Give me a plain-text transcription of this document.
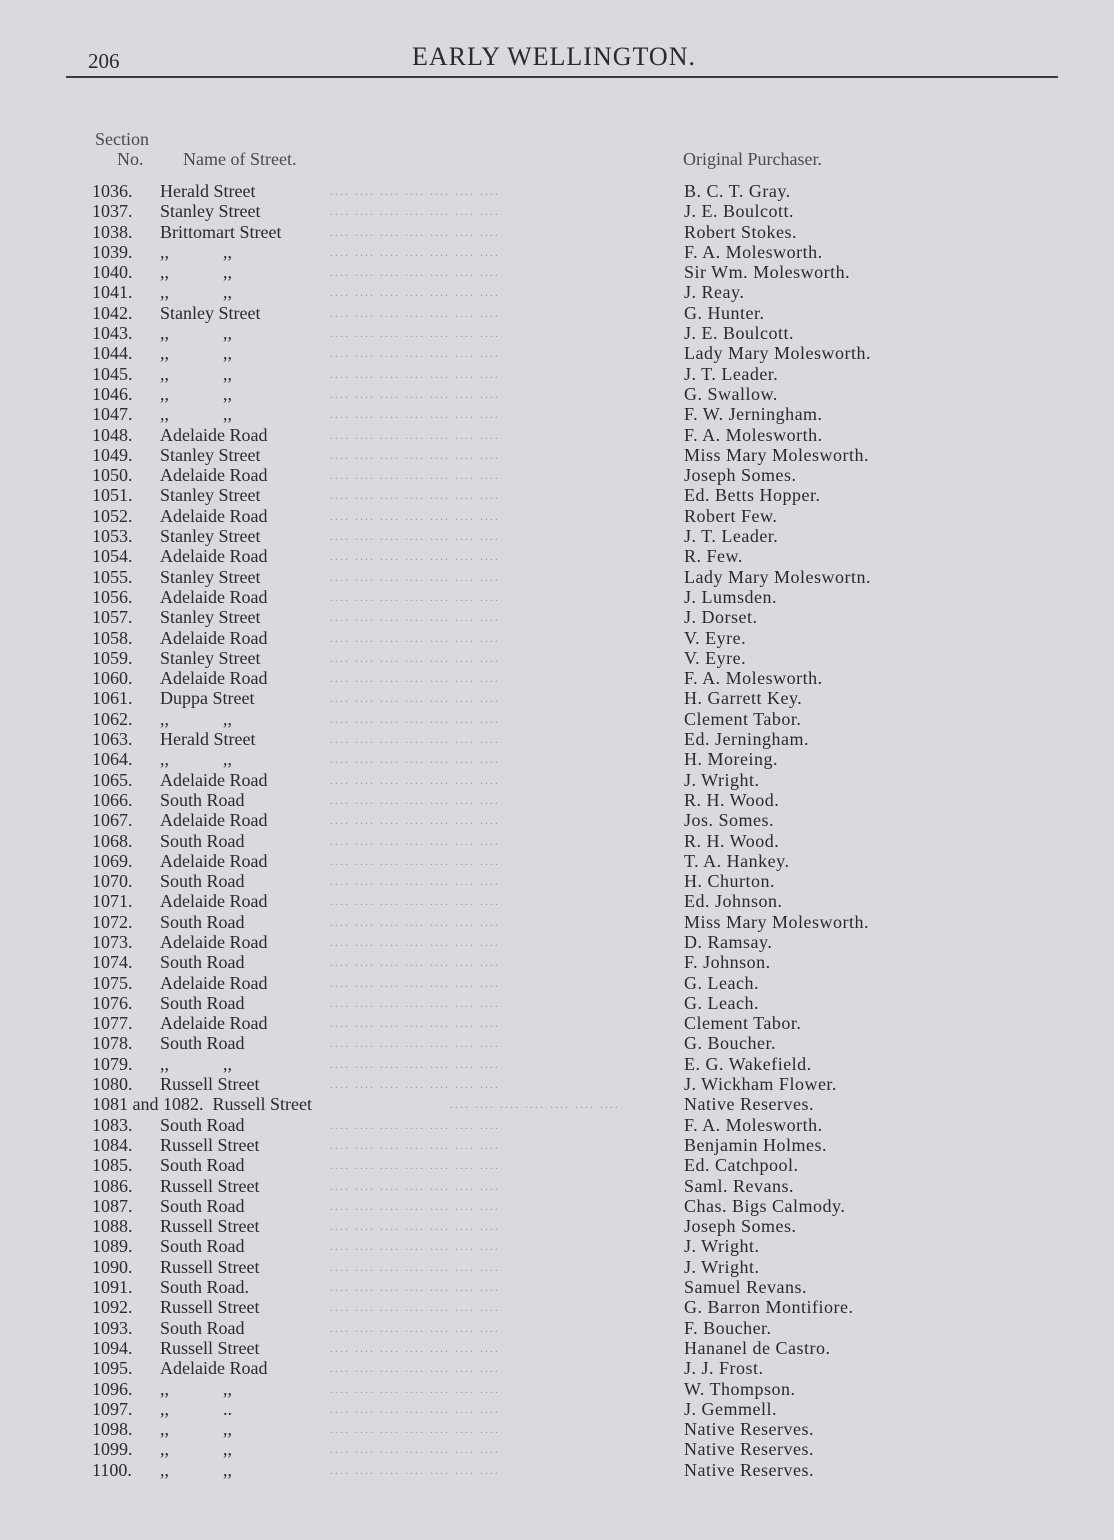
206	EARLY WELLINGTON.
Section
No. Name of Street.	Original Purchaser.
1036. Herald Street	.... .... .... .... .... .... ....	B. C. T. Gray.
1037. Stanley Street	.... .... .... .... .... .... ....	J. E. Boulcott.
1038. Brittomart Street	.... .... .... .... .... .... ....	Robert Stokes.
1039. ,,            ,,	.... .... .... .... .... .... ....	F. A. Molesworth.
1040. ,,            ,,	.... .... .... .... .... .... ....	Sir Wm. Molesworth.
1041. ,,            ,,	.... .... .... .... .... .... ....	J. Reay.
1042. Stanley Street	.... .... .... .... .... .... ....	G. Hunter.
1043. ,,            ,,	.... .... .... .... .... .... ....	J. E. Boulcott.
1044. ,,            ,,	.... .... .... .... .... .... ....	Lady Mary Molesworth.
1045. ,,            ,,	.... .... .... .... .... .... ....	J. T. Leader.
1046. ,,            ,,	.... .... .... .... .... .... ....	G. Swallow.
1047. ,,            ,,	.... .... .... .... .... .... ....	F. W. Jerningham.
1048. Adelaide Road	.... .... .... .... .... .... ....	F. A. Molesworth.
1049. Stanley Street	.... .... .... .... .... .... ....	Miss Mary Molesworth.
1050. Adelaide Road	.... .... .... .... .... .... ....	Joseph Somes.
1051. Stanley Street	.... .... .... .... .... .... ....	Ed. Betts Hopper.
1052. Adelaide Road	.... .... .... .... .... .... ....	Robert Few.
1053. Stanley Street	.... .... .... .... .... .... ....	J. T. Leader.
1054. Adelaide Road	.... .... .... .... .... .... ....	R. Few.
1055. Stanley Street	.... .... .... .... .... .... ....	Lady Mary Moleswortn.
1056. Adelaide Road	.... .... .... .... .... .... ....	J. Lumsden.
1057. Stanley Street	.... .... .... .... .... .... ....	J. Dorset.
1058. Adelaide Road	.... .... .... .... .... .... ....	V. Eyre.
1059. Stanley Street	.... .... .... .... .... .... ....	V. Eyre.
1060. Adelaide Road	.... .... .... .... .... .... ....	F. A. Molesworth.
1061. Duppa Street	.... .... .... .... .... .... ....	H. Garrett Key.
1062. ,,            ,,	.... .... .... .... .... .... ....	Clement Tabor.
1063. Herald Street	.... .... .... .... .... .... ....	Ed. Jerningham.
1064. ,,            ,,	.... .... .... .... .... .... ....	H. Moreing.
1065. Adelaide Road	.... .... .... .... .... .... ....	J. Wright.
1066. South Road	.... .... .... .... .... .... ....	R. H. Wood.
1067. Adelaide Road	.... .... .... .... .... .... ....	Jos. Somes.
1068. South Road	.... .... .... .... .... .... ....	R. H. Wood.
1069. Adelaide Road	.... .... .... .... .... .... ....	T. A. Hankey.
1070. South Road	.... .... .... .... .... .... ....	H. Churton.
1071. Adelaide Road	.... .... .... .... .... .... ....	Ed. Johnson.
1072. South Road	.... .... .... .... .... .... ....	Miss Mary Molesworth.
1073. Adelaide Road	.... .... .... .... .... .... ....	D. Ramsay.
1074. South Road	.... .... .... .... .... .... ....	F. Johnson.
1075. Adelaide Road	.... .... .... .... .... .... ....	G. Leach.
1076. South Road	.... .... .... .... .... .... ....	G. Leach.
1077. Adelaide Road	.... .... .... .... .... .... ....	Clement Tabor.
1078. South Road	.... .... .... .... .... .... ....	G. Boucher.
1079. ,,            ,,	.... .... .... .... .... .... ....	E. G. Wakefield.
1080. Russell Street	.... .... .... .... .... .... ....	J. Wickham Flower.
1081 and 1082.  Russell Street	.... .... .... .... .... .... ....	Native Reserves.
1083. South Road	.... .... .... .... .... .... ....	F. A. Molesworth.
1084. Russell Street	.... .... .... .... .... .... ....	Benjamin Holmes.
1085. South Road	.... .... .... .... .... .... ....	Ed. Catchpool.
1086. Russell Street	.... .... .... .... .... .... ....	Saml. Revans.
1087. South Road	.... .... .... .... .... .... ....	Chas. Bigs Calmody.
1088. Russell Street	.... .... .... .... .... .... ....	Joseph Somes.
1089. South Road	.... .... .... .... .... .... ....	J. Wright.
1090. Russell Street	.... .... .... .... .... .... ....	J. Wright.
1091. South Road.	.... .... .... .... .... .... ....	Samuel Revans.
1092. Russell Street	.... .... .... .... .... .... ....	G. Barron Montifiore.
1093. South Road	.... .... .... .... .... .... ....	F. Boucher.
1094. Russell Street	.... .... .... .... .... .... ....	Hananel de Castro.
1095. Adelaide Road	.... .... .... .... .... .... ....	J. J. Frost.
1096. ,,            ,,	.... .... .... .... .... .... ....	W. Thompson.
1097. ,,            ..	.... .... .... .... .... .... ....	J. Gemmell.
1098. ,,            ,,	.... .... .... .... .... .... ....	Native Reserves.
1099. ,,            ,,	.... .... .... .... .... .... ....	Native Reserves.
1100. ,,            ,,	.... .... .... .... .... .... ....	Native Reserves.
